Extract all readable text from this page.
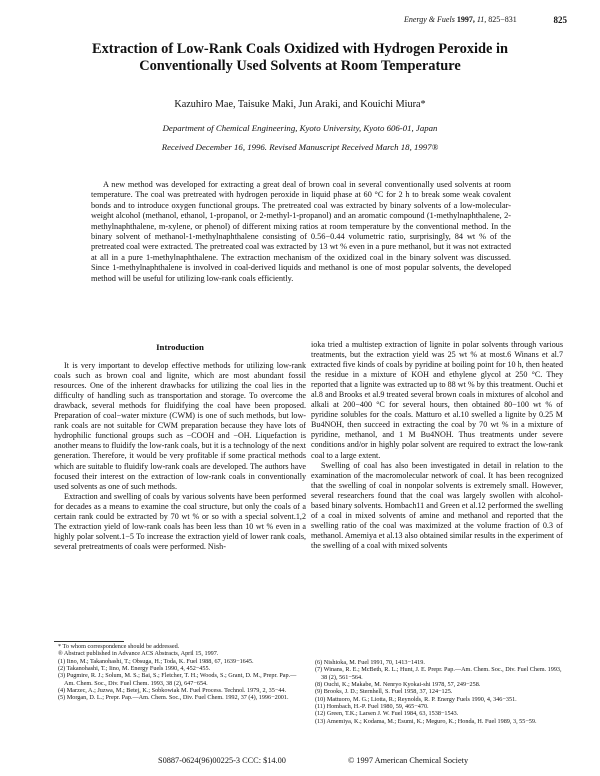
Energy & Fuels 1997, 11, 825−831	825
Extraction of Low-Rank Coals Oxidized with Hydrogen Peroxide in Conventionally Used Solvents at Room Temperature
Kazuhiro Mae, Taisuke Maki, Jun Araki, and Kouichi Miura*
Department of Chemical Engineering, Kyoto University, Kyoto 606-01, Japan
Received December 16, 1996. Revised Manuscript Received March 18, 1997®

A new method was developed for extracting a great deal of brown coal in several conventionally used solvents at room temperature. The coal was pretreated with hydrogen peroxide in liquid phase at 60 °C for 2 h to break some weak covalent bonds and to introduce oxygen functional groups. The pretreated coal was extracted by binary solvents of a low-molecular-weight alcohol (methanol, ethanol, 1-propanol, or 2-methyl-1-propanol) and an aromatic compound (1-methylnaphthalene, 2-methylnaphthalene, m-xylene, or phenol) of different mixing ratios at room temperature by the conventional method. In the binary solvent of methanol-1-methylnaphthalene consisting of 0.56−0.44 volumetric ratio, surprisingly, 84 wt % of the pretreated coal were extracted. The pretreated coal was extracted by 13 wt % even in a pure methanol, but it was not extracted at all in a pure 1-methylnaphthalene. The extraction mechanism of the oxidized coal in the binary solvent was discussed. Since 1-methylnaphthalene is involved in coal-derived liquids and methanol is one of most popular solvents, the developed method will be useful for utilizing low-rank coals efficiently.

Introduction

It is very important to develop effective methods for utilizing low-rank coals such as brown coal and lignite, which are most abundant fossil resources. One of the inherent drawbacks for utilizing the coal lies in the difficulty of handling such as transportation and storage. To overcome the drawback, several methods for fluidifying the coal have been proposed. Preparation of coal−water mixture (CWM) is one of such methods, but low-rank coals are not suitable for CWM preparation because they have lots of hydrophilic functional groups such as −COOH and −OH. Liquefaction is another means to fluidify the low-rank coals, but it is a technology of the next generation. Therefore, it would be very profitable if some practical methods which are suitable to fluidify low-rank coals are developed. The authors have focused their interest on the extraction of low-rank coals in conventionally used solvents as one of such methods.

Extraction and swelling of coals by various solvents have been performed for decades as a means to examine the coal structure, but only the coals of a certain rank could be extracted by 70 wt % or so with a special solvent.1,2 The extraction yield of low-rank coals has been less than 10 wt % even in a highly polar solvent.1−5 To increase the extraction yield of lower rank coals, several pretreatments of coals were performed. Nish-

ioka tried a multistep extraction of lignite in polar solvents through various treatments, but the extraction yield was 25 wt % at most.6 Winans et al.7 extracted five kinds of coals by pyridine at boiling point for 10 h, then heated the residue in a mixture of KOH and ethylene glycol at 250 °C. They reported that a lignite was extracted up to 88 wt % by this treatment. Ouchi et al.8 and Brooks et al.9 treated several brown coals in mixtures of alcohol and alkali at 200−400 °C for several hours, then obtained 80−100 wt % of pyridine solubles for the coals. Matturo et al.10 swelled a lignite by 0.25 M Bu4NOH, then succeed in extracting the coal by 70 wt % in a mixture of pyridine, methanol, and 1 M Bu4NOH. Thus treatments under severe conditions and/or in highly polar solvent are required to extract the low-rank coal to a large extent.

Swelling of coal has also been investigated in detail in relation to the examination of the macromolecular network of coal. It has been recognized that the swelling of coal in nonpolar solvents is extremely small. However, several researchers found that the coal was largely swollen with alcohol-based binary solvents. Hombach11 and Green et al.12 performed the swelling of a coal in mixed solvents of amine and methanol and reported that the swelling ratio of the coal was maximized at the volume fraction of 0.3 of methanol. Amemiya et al.13 also obtained similar results in the experiment of the swelling of a coal with mixed solvents

* To whom correspondence should be addressed.
® Abstract published in Advance ACS Abstracts, April 15, 1997.
(1) Iino, M.; Takanohashi, T.; Obsuga, H.; Toda, K. Fuel 1988, 67, 1639−1645.
(2) Takanohashi, T.; Iino, M. Energy Fuels 1990, 4, 452−455.
(3) Pugmire, R. J.; Solum, M. S.; Bai, S.; Fletcher, T. H.; Woods, S.; Grant, D. M., Prepr. Pap.—Am. Chem. Soc., Div. Fuel Chem. 1993, 38 (2), 647−654.
(4) Marzec, A.; Juzwa, M.; Betej, K.; Sobkowiak M. Fuel Process. Technol. 1979, 2, 35−44.
(5) Morgan, D. L.; Prepr. Pap.—Am. Chem. Soc., Div. Fuel Chem. 1992, 37 (4), 1996−2001.
(6) Nishioka, M. Fuel 1991, 70, 1413−1419.
(7) Winans, R. E.; McBeth, R. L.; Hunt, J. E. Prepr. Pap.—Am. Chem. Soc., Div. Fuel Chem. 1993, 38 (2), 561−564.
(8) Ouchi, K.; Makabe, M. Nenryo Kyokai-shi 1978, 57, 249−258.
(9) Brooks, J. D.; Sternhell, S. Fuel 1958, 37, 124−125.
(10) Mattuoro, M. G.; Liotta, R.; Reynolds, R. P. Energy Fuels 1990, 4, 346−351.
(11) Hombach, H.-P. Fuel 1980, 59, 465−470.
(12) Green, T.K.; Larsen J. W. Fuel 1984, 63, 1538−1543.
(13) Amemiya, K.; Kodama, M.; Esumi, K.; Meguro, K.; Honda, H. Fuel 1989, 3, 55−59.
S0887-0624(96)00225-3 CCC: $14.00	© 1997 American Chemical Society
